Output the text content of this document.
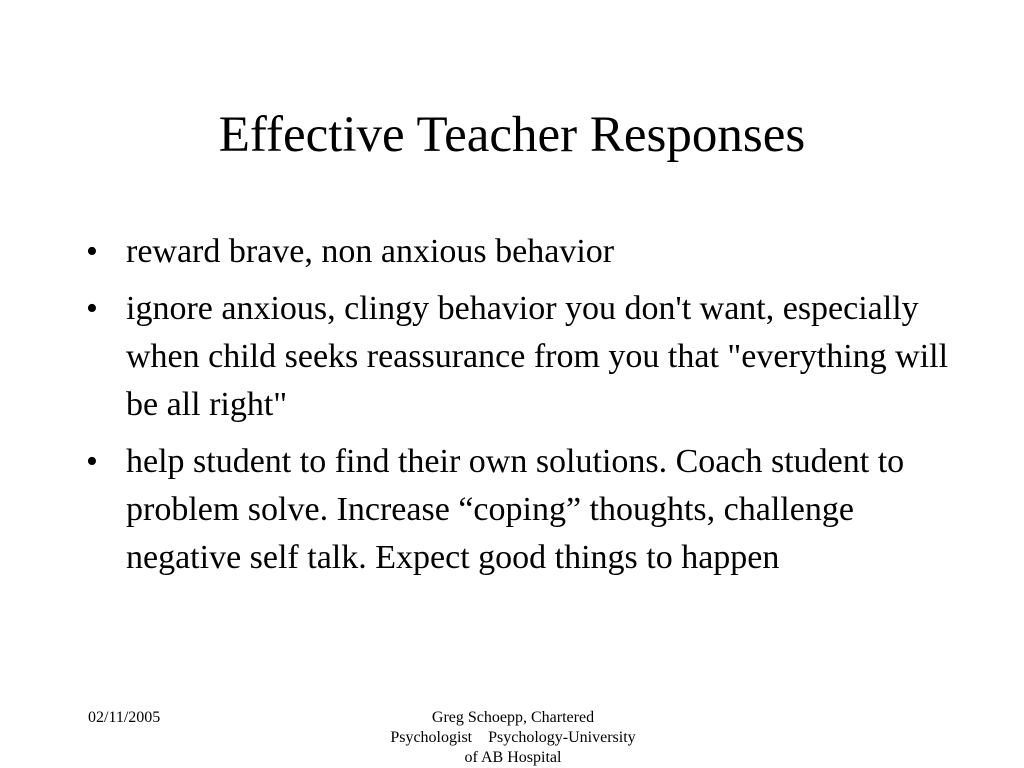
Effective Teacher Responses
• reward brave, non anxious behavior
• ignore anxious, clingy behavior you don't want, especially when child seeks reassurance from you that "everything will be all right"
• help student to find their own solutions. Coach student to problem solve. Increase “coping” thoughts, challenge negative self talk. Expect good things to happen
02/11/2005	Greg Schoepp, Chartered Psychologist    Psychology-University of AB Hospital
